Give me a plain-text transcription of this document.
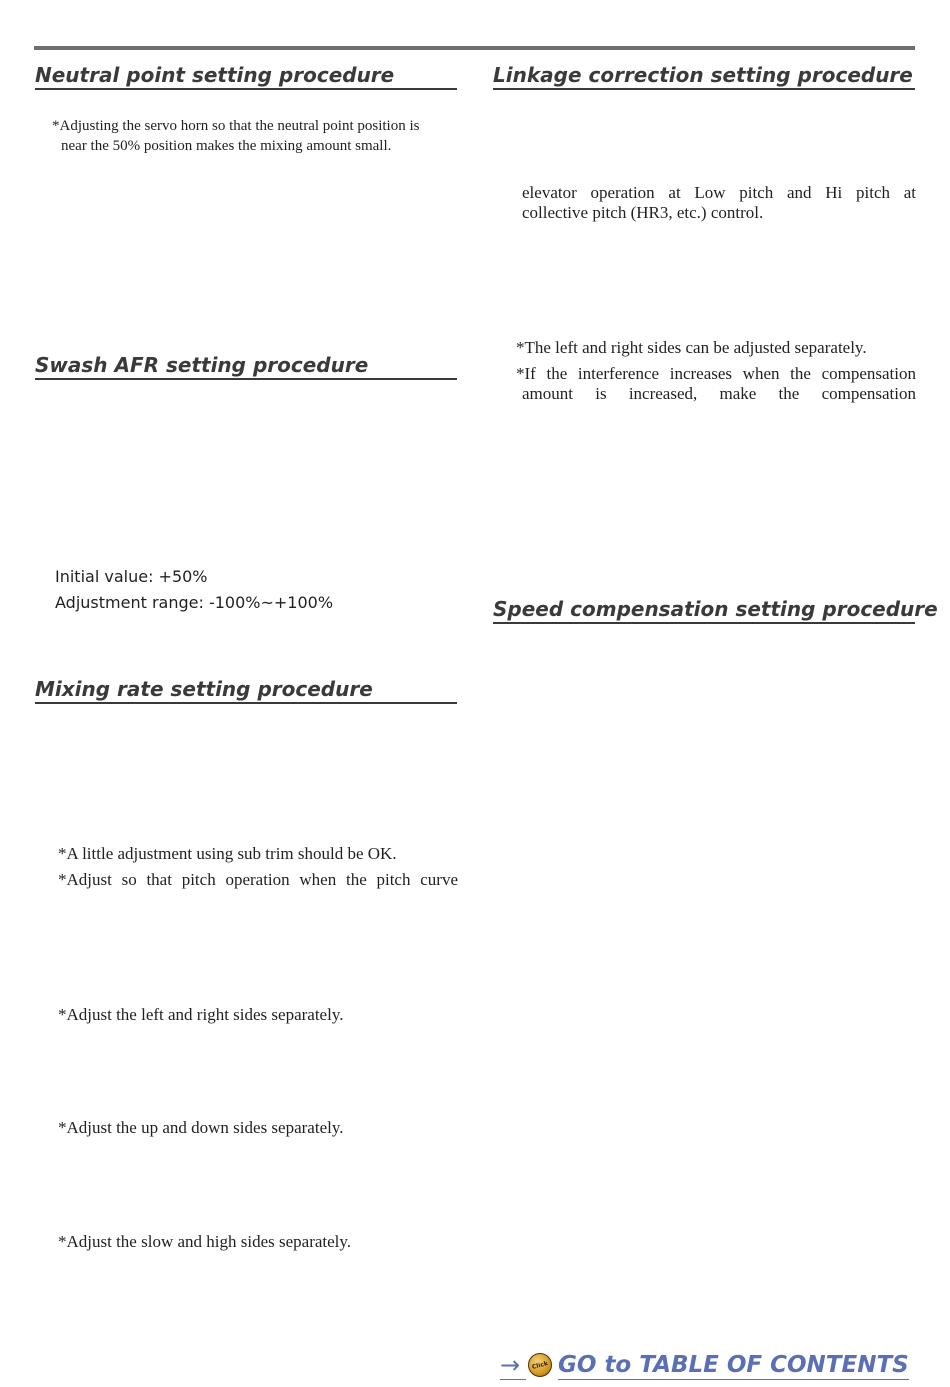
Neutral point setting procedure

*Adjusting the servo horn so that the neutral point position is

near the 50% position makes the mixing amount small.

Swash AFR setting procedure

Initial value: +50%

Adjustment range: -100%~+100%

Mixing rate setting procedure

*A little adjustment using sub trim should be OK.

*Adjust so that pitch operation when the pitch curve

*Adjust the left and right sides separately.

*Adjust the up and down sides separately.

*Adjust the slow and high sides separately.

Linkage correction setting procedure

elevator operation at Low pitch and Hi pitch at

collective pitch (HR3, etc.) control.

*The left and right sides can be adjusted separately.

*If the interference increases when the compensation

amount is increased, make the compensation

Speed compensation setting procedure
→	Click GO to TABLE OF CONTENTS
